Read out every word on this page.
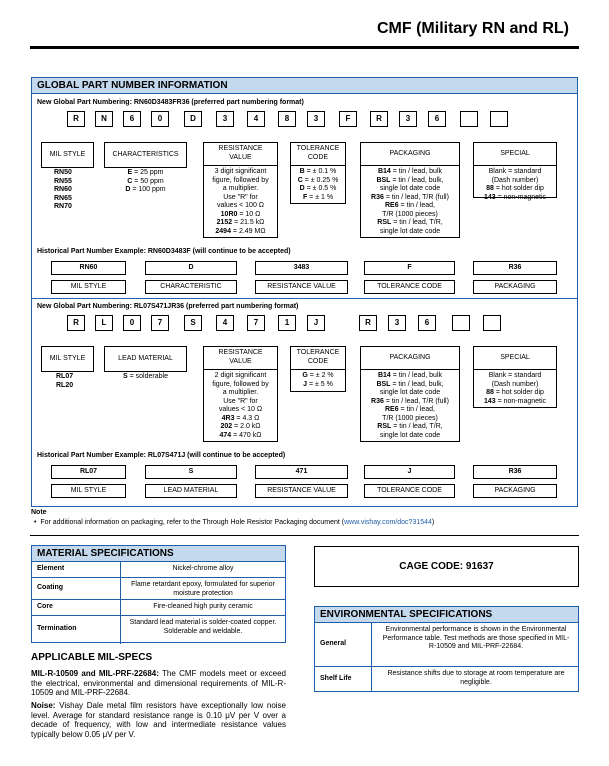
CMF (Military RN and RL)
GLOBAL PART NUMBER INFORMATION
New Global Part Numbering: RN60D3483FR36 (preferred part numbering format)
R	N	6	0	D	3	4	8	3	F	R	3	6
MIL STYLE	CHARACTERISTICS
RESISTANCE VALUE
3 digit significant
figure, followed by
a multiplier.
Use "R" for
values < 100 Ω
10R0 = 10 Ω
2152 = 21.5 kΩ
2494 = 2.49 MΩ
TOLERANCE CODE
B = ± 0.1 %
C = ± 0.25 %
D = ± 0.5 %
F = ± 1 %
PACKAGING
B14 = tin / lead, bulk
BSL = tin / lead, bulk,
single lot date code
R36 = tin / lead, T/R (full)
RE6 = tin / lead,
T/R (1000 pieces)
RSL = tin / lead, T/R,
single lot date code
SPECIAL
Blank = standard
(Dash number)
88 = hot solder dip
143 = non-magnetic
RN50
RN55
RN60
RN65
RN70
E = 25 ppm
C = 50 ppm
D = 100 ppm
Historical Part Number Example: RN60D3483F (will continue to be accepted)
RN60
MIL STYLE
D
CHARACTERISTIC
3483
RESISTANCE VALUE
F
TOLERANCE CODE
R36
PACKAGING
New Global Part Numbering: RL07S471JR36 (preferred part numbering format)
R	L	0	7	S	4	7	1	J	R	3	6
MIL STYLE	LEAD MATERIAL
RESISTANCE VALUE
2 digit significant
figure, followed by
a multiplier.
Use "R" for
values < 10 Ω
4R3 = 4.3 Ω
202 = 2.0 kΩ
474 = 470 kΩ
TOLERANCE CODE
G = ± 2 %
J = ± 5 %
PACKAGING
B14 = tin / lead, bulk
BSL = tin / lead, bulk,
single lot date code
R36 = tin / lead, T/R (full)
RE6 = tin / lead,
T/R (1000 pieces)
RSL = tin / lead, T/R,
single lot date code
SPECIAL
Blank = standard
(Dash number)
88 = hot solder dip
143 = non-magnetic
RL07
RL20
S = solderable
Historical Part Number Example: RL07S471J (will continue to be accepted)
RL07
MIL STYLE
S
LEAD MATERIAL
471
RESISTANCE VALUE
J
TOLERANCE CODE
R36
PACKAGING
Note
• For additional information on packaging, refer to the Through Hole Resistor Packaging document (www.vishay.com/doc?31544)
MATERIAL SPECIFICATIONS
Element	Nickel-chrome alloy
Coating	Flame retardant epoxy, formulated for superior moisture protection
Core	Fire-cleaned high purity ceramic
Termination
Standard lead material is solder-coated copper. Solderable and weldable.
APPLICABLE MIL-SPECS
MIL-R-10509 and MIL-PRF-22684: The CMF models meet or exceed the electrical, environmental and dimensional requirements of MIL-R-10509 and MIL-PRF-22684.
Noise: Vishay Dale metal film resistors have exceptionally low noise level. Average for standard resistance range is 0.10 μV per V over a decade of frequency, with low and intermediate resistance values typically below 0.05 μV per V.
CAGE CODE: 91637
ENVIRONMENTAL SPECIFICATIONS
General
Environmental performance is shown in the Environmental Performance table. Test methods are those specified in MIL-R-10509 and MIL-PRF-22684.
Shelf Life
Resistance shifts due to storage at room temperature are negligible.
